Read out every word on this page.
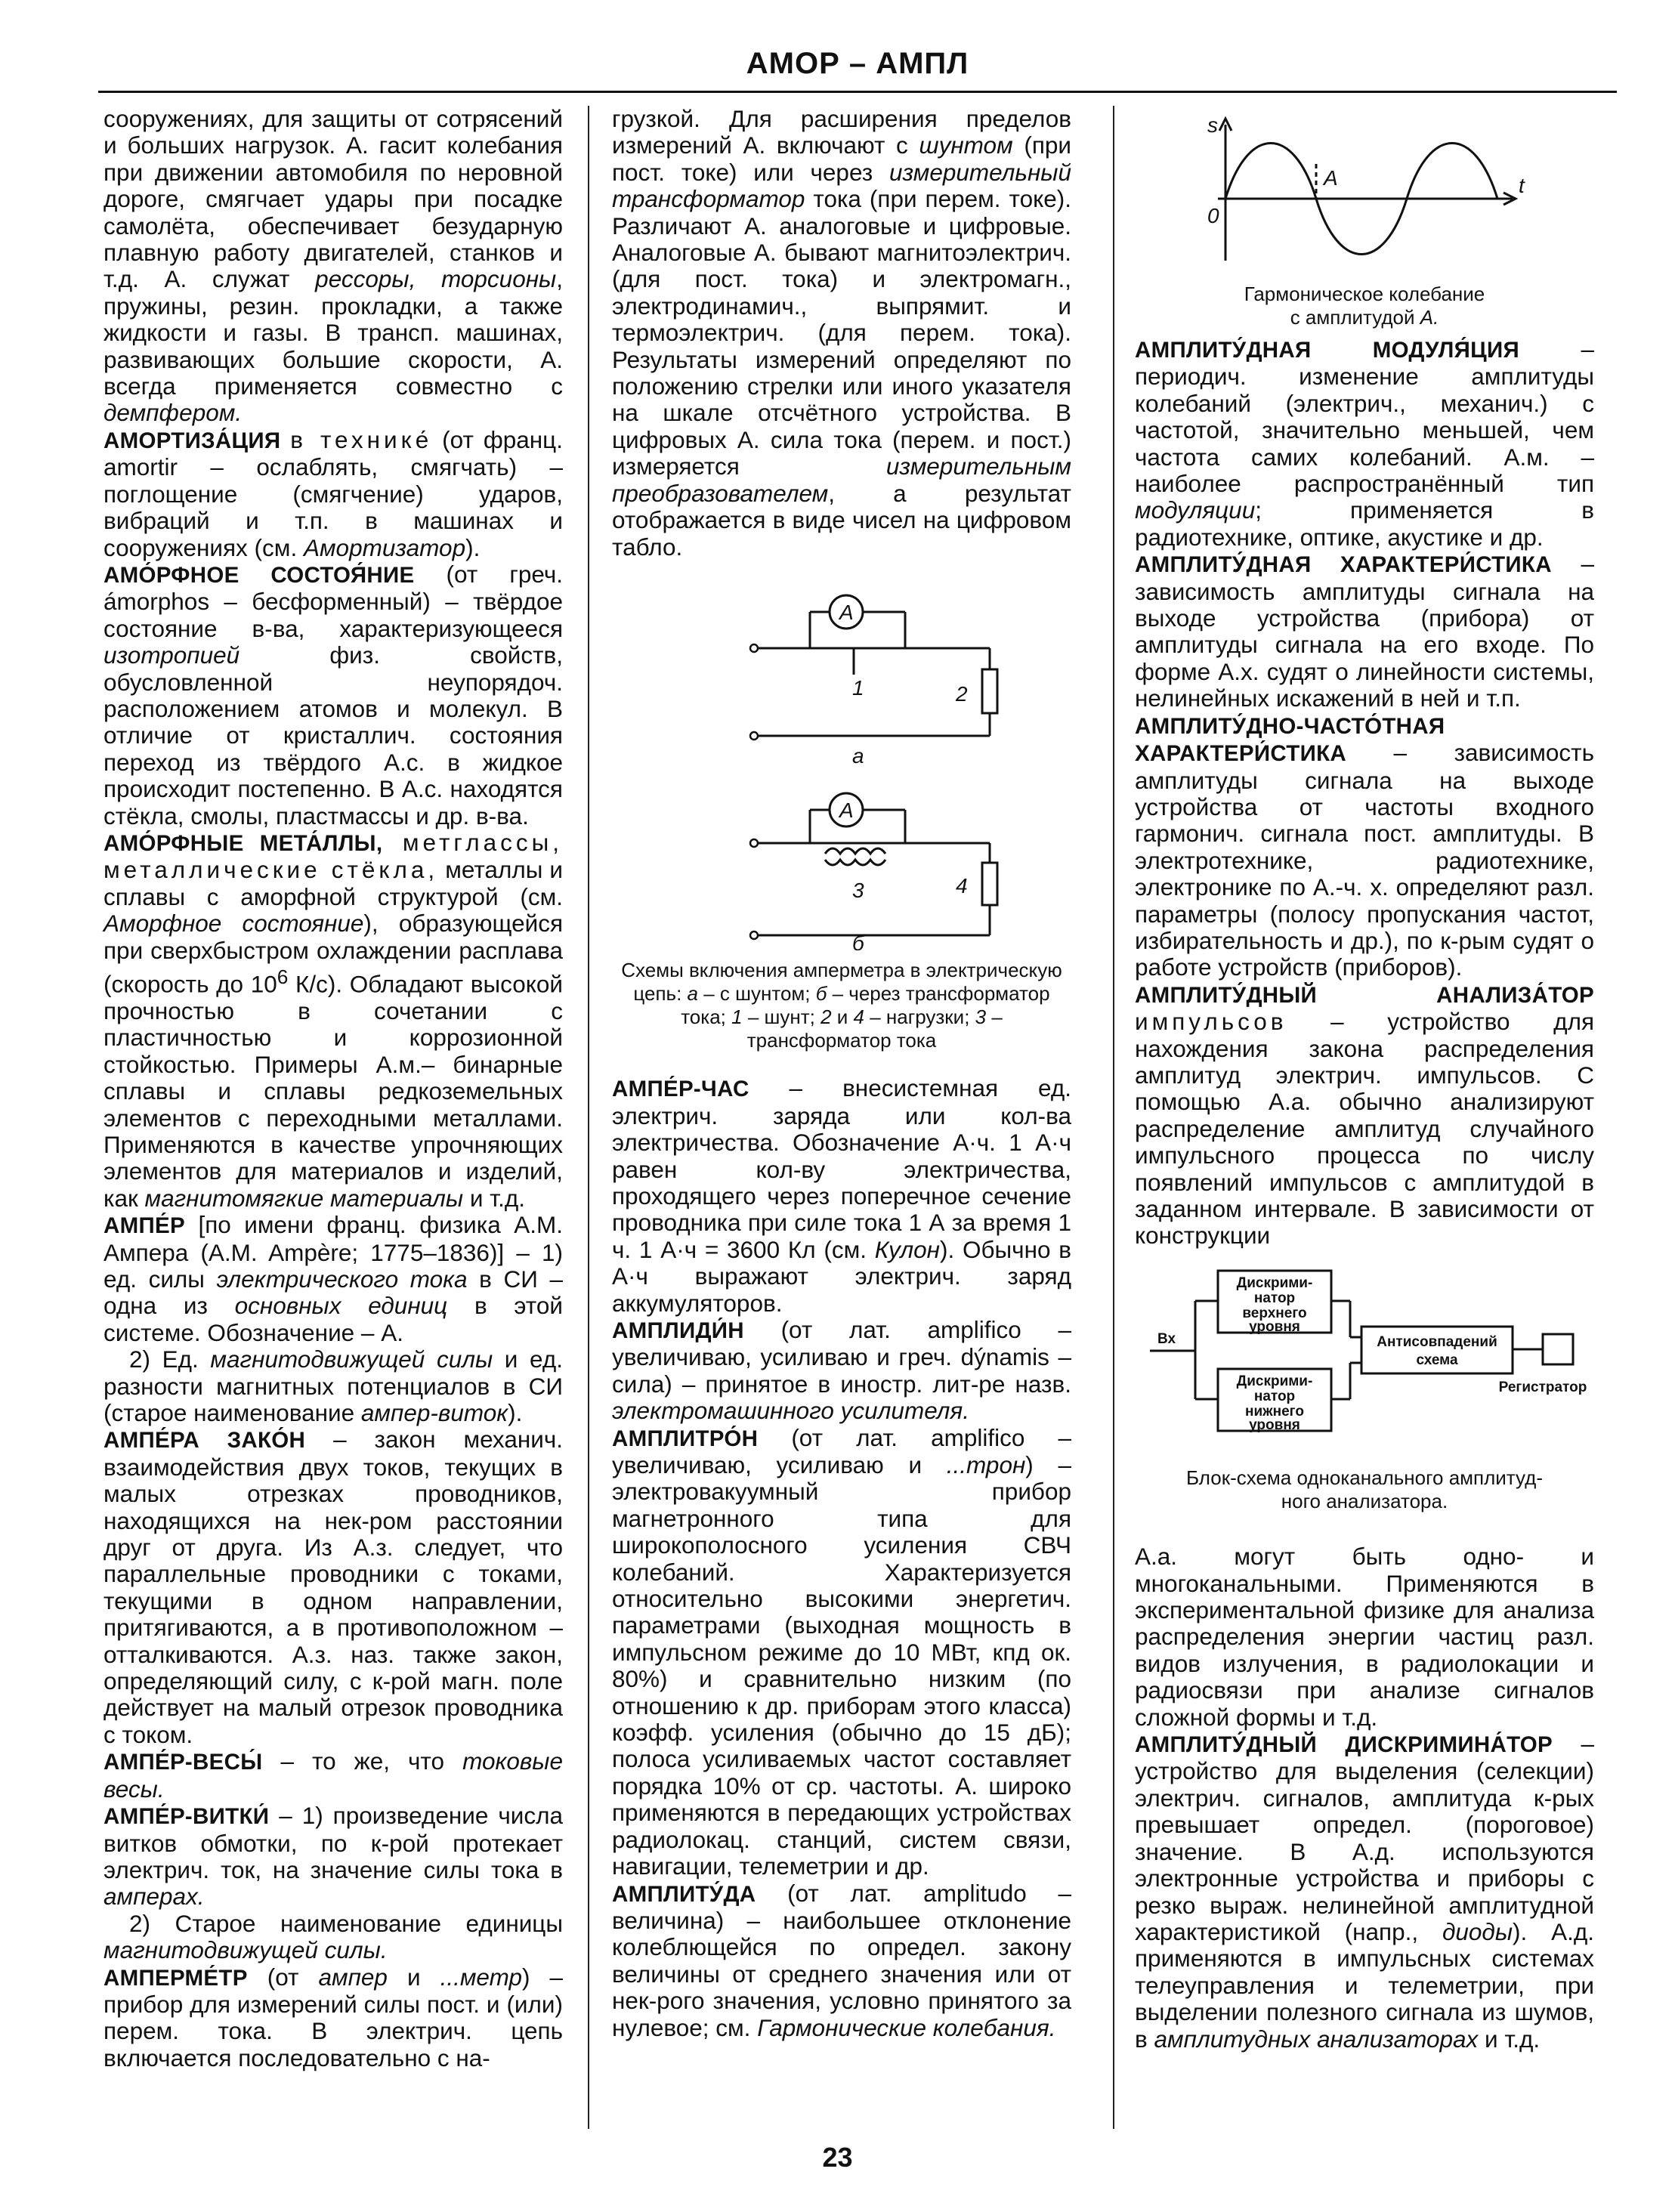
АМОР – АМПЛ

сооружениях, для защиты от сотрясений и больших нагрузок. А. гасит колебания при движении автомобиля по неровной дороге, смягчает удары при посадке самолёта, обеспечивает безударную плавную работу двигателей, станков и т.д. А. служат рессоры, торсионы, пружины, резин. прокладки, а также жидкости и газы. В трансп. машинах, развивающих большие скорости, А. всегда применяется совместно с демпфером.

АМОРТИЗА́ЦИЯ в технике́ (от франц. amortir – ослаблять, смягчать) – поглощение (смягчение) ударов, вибраций и т.п. в машинах и сооружениях (см. Амортизатор).

АМО́РФНОЕ СОСТОЯ́НИЕ (от греч. ámorphos – бесформенный) – твёрдое состояние в-ва, характеризующееся изотропией физ. свойств, обусловленной неупорядоч. расположением атомов и молекул. В отличие от кристаллич. состояния переход из твёрдого А.с. в жидкое происходит постепенно. В А.с. находятся стёкла, смолы, пластмассы и др. в-ва.

АМО́РФНЫЕ МЕТА́ЛЛЫ, метглассы, металлические стёкла, металлы и сплавы с аморфной структурой (см. Аморфное состояние), образующейся при сверхбыстром охлаждении расплава (скорость до $10^6$ К/с). Обладают высокой прочностью в сочетании с пластичностью и коррозионной стойкостью. Примеры А.м.– бинарные сплавы и сплавы редкоземельных элементов с переходными металлами. Применяются в качестве упрочняющих элементов для материалов и изделий, как магнитомягкие материалы и т.д.

АМПЕ́Р [по имени франц. физика А.М. Ампера (A.M. Ampère; 1775–1836)] – 1) ед. силы электрического тока в СИ – одна из основных единиц в этой системе. Обозначение – А.

2) Ед. магнитодвижущей силы и ед. разности магнитных потенциалов в СИ (старое наименование ампер-виток).

АМПЕ́РА ЗАКО́Н – закон механич. взаимодействия двух токов, текущих в малых отрезках проводников, находящихся на нек-ром расстоянии друг от друга. Из А.з. следует, что параллельные проводники с токами, текущими в одном направлении, притягиваются, а в противоположном – отталкиваются. А.з. наз. также закон, определяющий силу, с к-рой магн. поле действует на малый отрезок проводника с током.

АМПЕ́Р-ВЕСЫ́ – то же, что токовые весы.

АМПЕ́Р-ВИТКИ́ – 1) произведение числа витков обмотки, по к-рой протекает электрич. ток, на значение силы тока в амперах.

2) Старое наименование единицы магнитодвижущей силы.

АМПЕРМЕ́ТР (от ампер и ...метр) – прибор для измерений силы пост. и (или) перем. тока. В электрич. цепь включается последовательно с на-

грузкой. Для расширения пределов измерений А. включают с шунтом (при пост. токе) или через измерительный трансформатор тока (при перем. токе). Различают А. аналоговые и цифровые. Аналоговые А. бывают магнитоэлектрич. (для пост. тока) и электромагн., электродинамич., выпрямит. и термоэлектрич. (для перем. тока). Результаты измерений определяют по положению стрелки или иного указателя на шкале отсчётного устройства. В цифровых А. сила тока (перем. и пост.) измеряется измерительным преобразователем, а результат отображается в виде чисел на цифровом табло.

А
А
1	2
3	4
а
б

Схемы включения амперметра в электрическую цепь: а – с шунтом; б – через трансформатор тока; 1 – шунт; 2 и 4 – нагрузки; 3 – трансформатор тока

АМПЕ́Р-ЧАС – внесистемная ед. электрич. заряда или кол-ва электричества. Обозначение А·ч. 1 А·ч равен кол-ву электричества, проходящего через поперечное сечение проводника при силе тока 1 А за время 1 ч. 1 А·ч = 3600 Кл (см. Кулон). Обычно в А·ч выражают электрич. заряд аккумуляторов.

АМПЛИДИ́Н (от лат. amplifico – увеличиваю, усиливаю и греч. dýnamis – сила) – принятое в иностр. лит-ре назв. электромашинного усилителя.

АМПЛИТРО́Н (от лат. amplifico – увеличиваю, усиливаю и ...трон) – электровакуумный прибор магнетронного типа для широкополосного усиления СВЧ колебаний. Характеризуется относительно высокими энергетич. параметрами (выходная мощность в импульсном режиме до 10 МВт, кпд ок. 80%) и сравнительно низким (по отношению к др. приборам этого класса) коэфф. усиления (обычно до 15 дБ); полоса усиливаемых частот составляет порядка 10% от ср. частоты. А. широко применяются в передающих устройствах радиолокац. станций, систем связи, навигации, телеметрии и др.

АМПЛИТУ́ДА (от лат. amplitudo – величина) – наибольшее отклонение колеблющейся по определ. закону величины от среднего значения или от нек-рого значения, условно принятого за нулевое; см. Гармонические колебания.

s
t
0
A

Гармоническое колебание
с амплитудой А.

АМПЛИТУ́ДНАЯ МОДУЛЯ́ЦИЯ – периодич. изменение амплитуды колебаний (электрич., механич.) с частотой, значительно меньшей, чем частота самих колебаний. А.м. – наиболее распространённый тип модуляции; применяется в радиотехнике, оптике, акустике и др.

АМПЛИТУ́ДНАЯ ХАРАКТЕРИ́СТИКА – зависимость амплитуды сигнала на выходе устройства (прибора) от амплитуды сигнала на его входе. По форме А.х. судят о линейности системы, нелинейных искажений в ней и т.п.

АМПЛИТУ́ДНО-ЧАСТО́ТНАЯ ХАРАКТЕРИ́СТИКА – зависимость амплитуды сигнала на выходе устройства от частоты входного гармонич. сигнала пост. амплитуды. В электротехнике, радиотехнике, электронике по А.-ч. х. определяют разл. параметры (полосу пропускания частот, избирательность и др.), по к-рым судят о работе устройств (приборов).

АМПЛИТУ́ДНЫЙ АНАЛИЗА́ТОР импульсов – устройство для нахождения закона распределения амплитуд электрич. импульсов. С помощью А.а. обычно анализируют распределение амплитуд случайного импульсного процесса по числу появлений импульсов с амплитудой в заданном интервале. В зависимости от конструкции

Дискрими-
натор
верхнего
уровня
Дискрими-
натор
нижнего
уровня
Антисовпадений
схема
Регистратор
Вх

Блок-схема одноканального амплитуд-
ного анализатора.

А.а. могут быть одно- и многоканальными. Применяются в экспериментальной физике для анализа распределения энергии частиц разл. видов излучения, в радиолокации и радиосвязи при анализе сигналов сложной формы и т.д.

АМПЛИТУ́ДНЫЙ ДИСКРИМИНА́ТОР – устройство для выделения (селекции) электрич. сигналов, амплитуда к-рых превышает определ. (пороговое) значение. В А.д. используются электронные устройства и приборы с резко выраж. нелинейной амплитудной характеристикой (напр., диоды). А.д. применяются в импульсных системах телеуправления и телеметрии, при выделении полезного сигнала из шумов, в амплитудных анализаторах и т.д.

23
